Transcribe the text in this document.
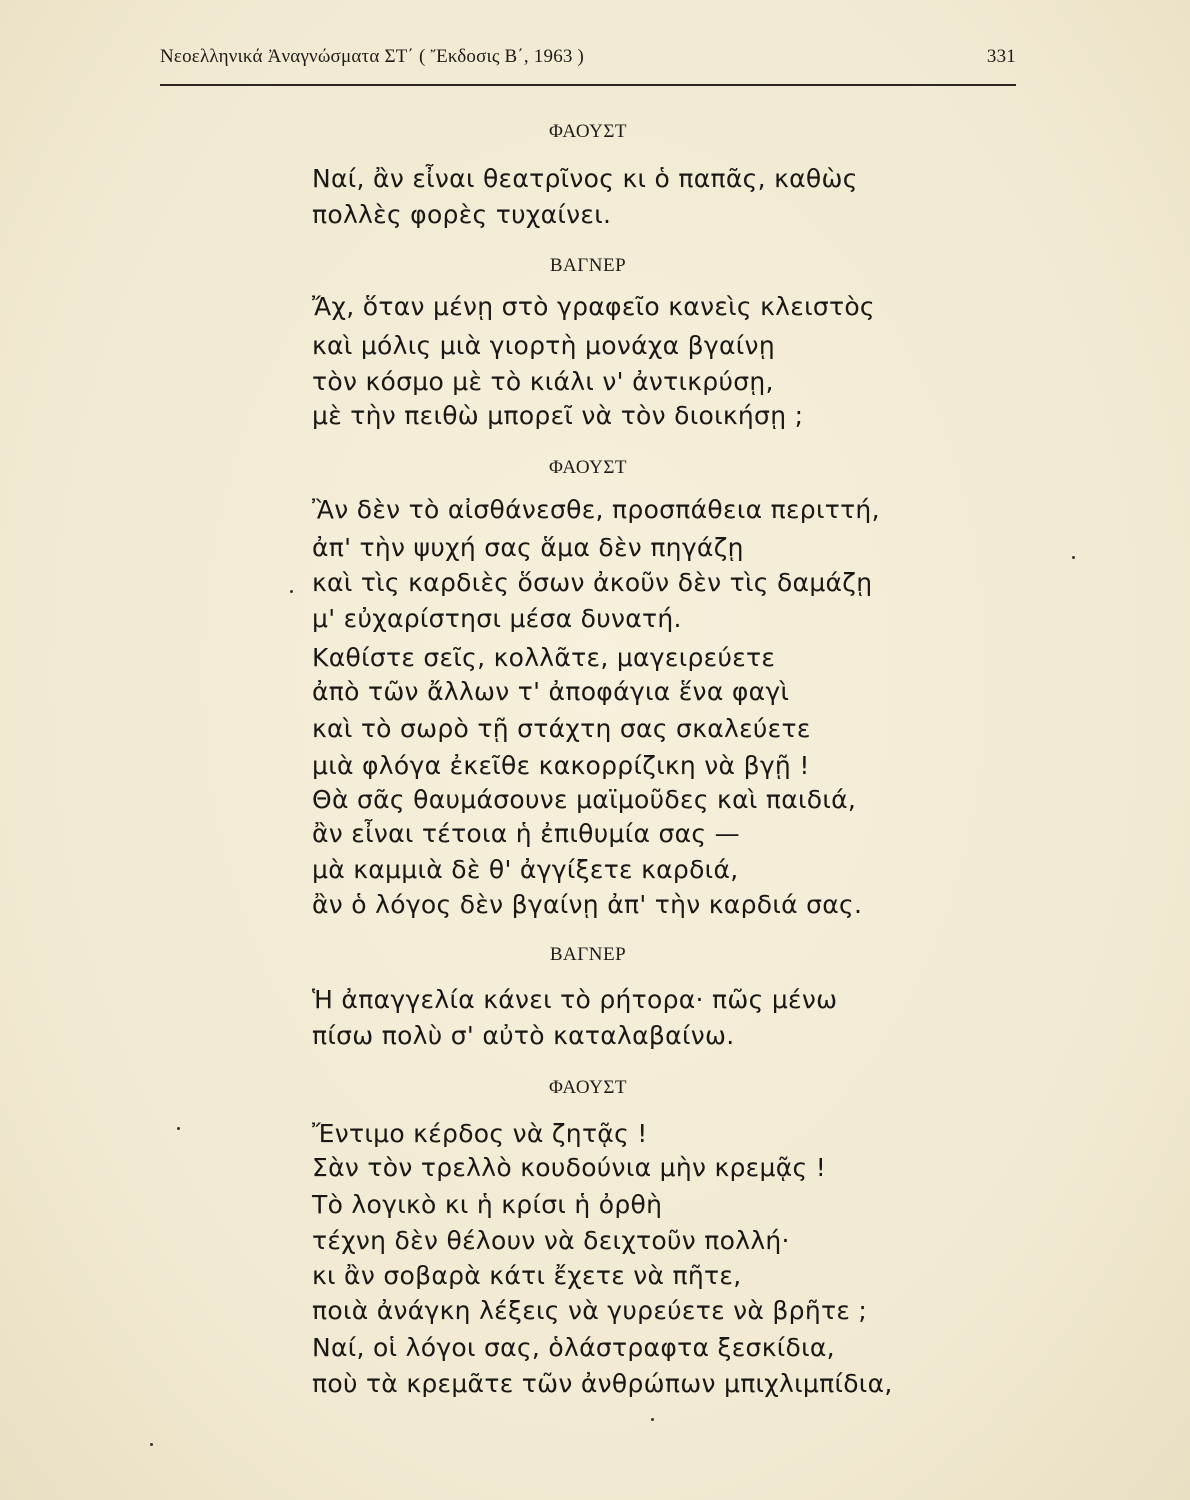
Νεοελληνικά Ἀναγνώσματα ΣΤ΄ ( Ἔκδοσις Β΄, 1963 )	331
ΦΑΟΥΣΤ
Ναί, ἂν εἶναι θεατρῖνος κι ὁ παπᾶς, καθὼς
πολλὲς φορὲς τυχαίνει.
ΒΑΓΝΕΡ
Ἄχ, ὅταν μένῃ στὸ γραφεῖο κανεὶς κλειστὸς
καὶ μόλις μιὰ γιορτὴ μονάχα βγαίνῃ
τὸν κόσμο μὲ τὸ κιάλι ν' ἀντικρύσῃ,
μὲ τὴν πειθὼ μπορεῖ νὰ τὸν διοικήσῃ ;
ΦΑΟΥΣΤ
Ἂν δὲν τὸ αἰσθάνεσθε, προσπάθεια περιττή,
ἀπ' τὴν ψυχή σας ἅμα δὲν πηγάζῃ
καὶ τὶς καρδιὲς ὅσων ἀκοῦν δὲν τὶς δαμάζῃ
μ' εὐχαρίστησι μέσα δυνατή.
Καθίστε σεῖς, κολλᾶτε, μαγειρεύετε
ἀπὸ τῶν ἄλλων τ' ἀποφάγια ἕνα φαγὶ
καὶ τὸ σωρὸ τῇ στάχτη σας σκαλεύετε
μιὰ φλόγα ἐκεῖθε κακορρίζικη νὰ βγῇ !
Θὰ σᾶς θαυμάσουνε μαϊμοῦδες καὶ παιδιά,
ἂν εἶναι τέτοια ἡ ἐπιθυμία σας —
μὰ καμμιὰ δὲ θ' ἀγγίξετε καρδιά,
ἂν ὁ λόγος δὲν βγαίνῃ ἀπ' τὴν καρδιά σας.
ΒΑΓΝΕΡ
Ἡ ἀπαγγελία κάνει τὸ ρήτορα· πῶς μένω
πίσω πολὺ σ' αὐτὸ καταλαβαίνω.
ΦΑΟΥΣΤ
Ἔντιμο κέρδος νὰ ζητᾷς !
Σὰν τὸν τρελλὸ κουδούνια μὴν κρεμᾷς !
Τὸ λογικὸ κι ἡ κρίσι ἡ ὀρθὴ
τέχνη δὲν θέλουν νὰ δειχτοῦν πολλή·
κι ἂν σοβαρὰ κάτι ἔχετε νὰ πῆτε,
ποιὰ ἀνάγκη λέξεις νὰ γυρεύετε νὰ βρῆτε ;
Ναί, οἱ λόγοι σας, ὁλάστραφτα ξεσκίδια,
ποὺ τὰ κρεμᾶτε τῶν ἀνθρώπων μπιχλιμπίδια,
